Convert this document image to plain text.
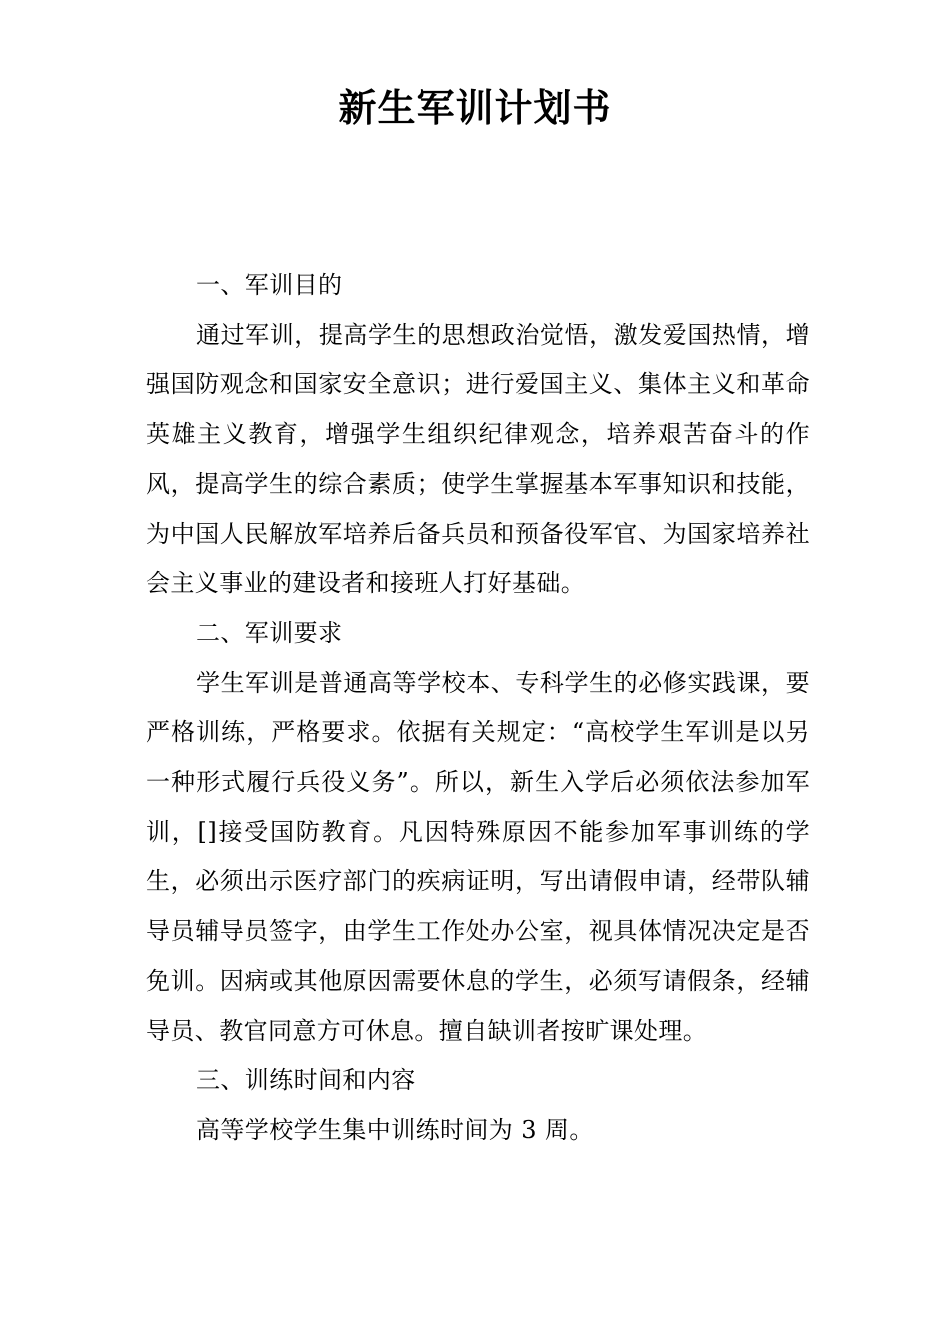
新生军训计划书

一、军训目的

通过军训，提高学生的思想政治觉悟，激发爱国热情，增强国防观念和国家安全意识；进行爱国主义、集体主义和革命英雄主义教育，增强学生组织纪律观念，培养艰苦奋斗的作风，提高学生的综合素质；使学生掌握基本军事知识和技能，为中国人民解放军培养后备兵员和预备役军官、为国家培养社会主义事业的建设者和接班人打好基础。

二、军训要求

学生军训是普通高等学校本、专科学生的必修实践课，要严格训练，严格要求。依据有关规定：“高校学生军训是以另一种形式履行兵役义务”。所以，新生入学后必须依法参加军训，[]接受国防教育。凡因特殊原因不能参加军事训练的学生，必须出示医疗部门的疾病证明，写出请假申请，经带队辅导员辅导员签字，由学生工作处办公室，视具体情况决定是否免训。因病或其他原因需要休息的学生，必须写请假条，经辅导员、教官同意方可休息。擅自缺训者按旷课处理。

三、训练时间和内容

高等学校学生集中训练时间为 3 周。
